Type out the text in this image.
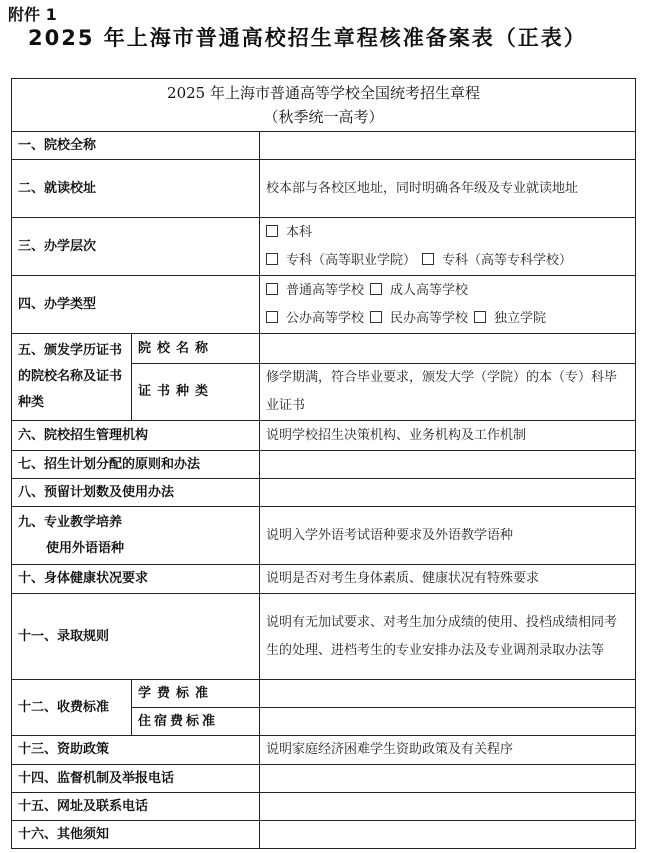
附件 1
2025 年上海市普通高校招生章程核准备案表（正表）
2025 年上海市普通高等学校全国统考招生章程
（秋季统一高考）		

一、院校全称		
二、就读校址		校本部与各校区地址，同时明确各年级及专业就读地址
三、办学层次		本科
专科（高等职业学院） 专科（高等专科学校）

四、办学类型		普通高等学校 成人高等学校
公办高等学校 民办高等学校 独立学院

五、颁发学历证书的院校名称及证书种类	院校名称	
	证书种类	修学期满，符合毕业要求，颁发大学（学院）的本（专）科毕业证书
六、院校招生管理机构		说明学校招生决策机构、业务机构及工作机制
七、招生计划分配的原则和办法		
八、预留计划数及使用办法		

九、专业教学培养
使用外语语种		说明入学外语考试语种要求及外语教学语种
十、身体健康状况要求		说明是否对考生身体素质、健康状况有特殊要求
十一、录取规则		说明有无加试要求、对考生加分成绩的使用、投档成绩相同考生的处理、进档考生的专业安排办法及专业调剂录取办法等
十二、收费标准	学费标准	
	住宿费标准	
十三、资助政策		说明家庭经济困难学生资助政策及有关程序
十四、监督机制及举报电话		
十五、网址及联系电话		
十六、其他须知		
